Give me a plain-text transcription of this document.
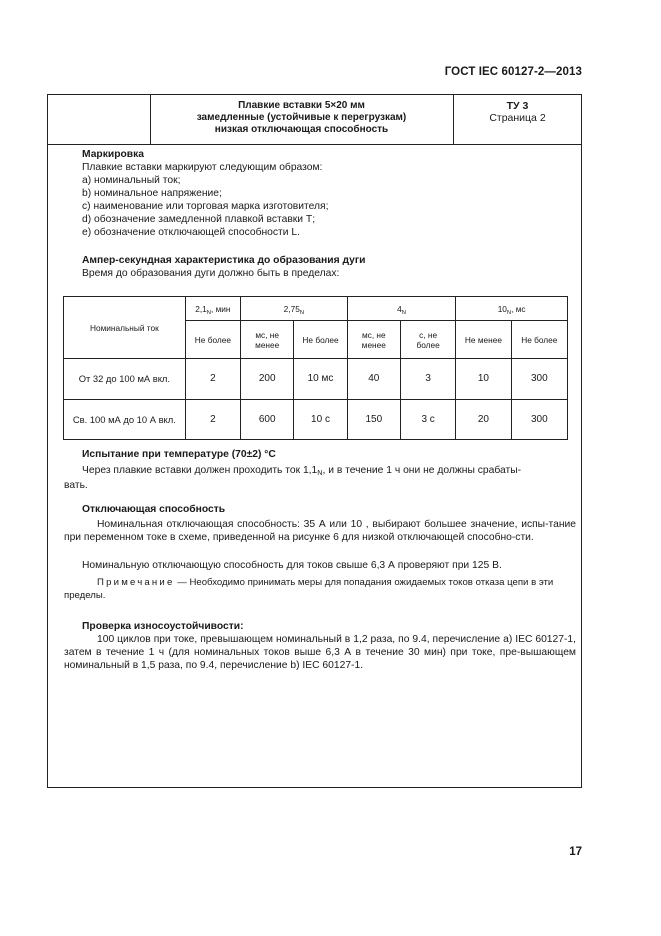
ГОСТ IEC 60127-2—2013
Плавкие вставки 5×20 мм
замедленные (устойчивые к перегрузкам)
низкая отключающая способность
ТУ 3
Страница 2
Маркировка
Плавкие вставки маркируют следующим образом:
a) номинальный ток;
b) номинальное напряжение;
c) наименование или торговая марка изготовителя;
d) обозначение замедленной плавкой вставки Т;
e) обозначение отключающей способности L.
Ампер-секундная характеристика до образования дуги
Время до образования дуги должно быть в пределах:
Номинальный ток	$2,1_N$, мин	$2,75_N$		$4_N$		$10_N$, мс	
	Не более	мс, не менее	Не более	мс, не менее	с, не более	Не менее	Не более
От 32 до 100 мА вкл.	2	200	10 мс	40	3	10	300
Св. 100 мА до 10 А вкл.	2	600	10 с	150	3 с	20	300
Испытание при температуре (70±2) °С
Через плавкие вставки должен проходить ток $1,1_N$, и в течение 1 ч они не должны срабаты-
вать.
Отключающая способность
Номинальная отключающая способность: 35 А или 10 , выбирают большее значение, испы-тание при переменном токе в схеме, приведенной на рисунке 6 для низкой отключающей способно-сти.
Номинальную отключающую способность для токов свыше 6,3 А проверяют при 125 В.
Примечание — Необходимо принимать меры для попадания ожидаемых токов отказа цепи в эти пределы.
Проверка износоустойчивости:
100 циклов при токе, превышающем номинальный в 1,2 раза, по 9.4, перечисление а) IEC 60127-1, затем в течение 1 ч (для номинальных токов выше 6,3 А в течение 30 мин) при токе, пре-вышающем номинальный в 1,5 раза, по 9.4, перечисление b) IEC 60127-1.
17
